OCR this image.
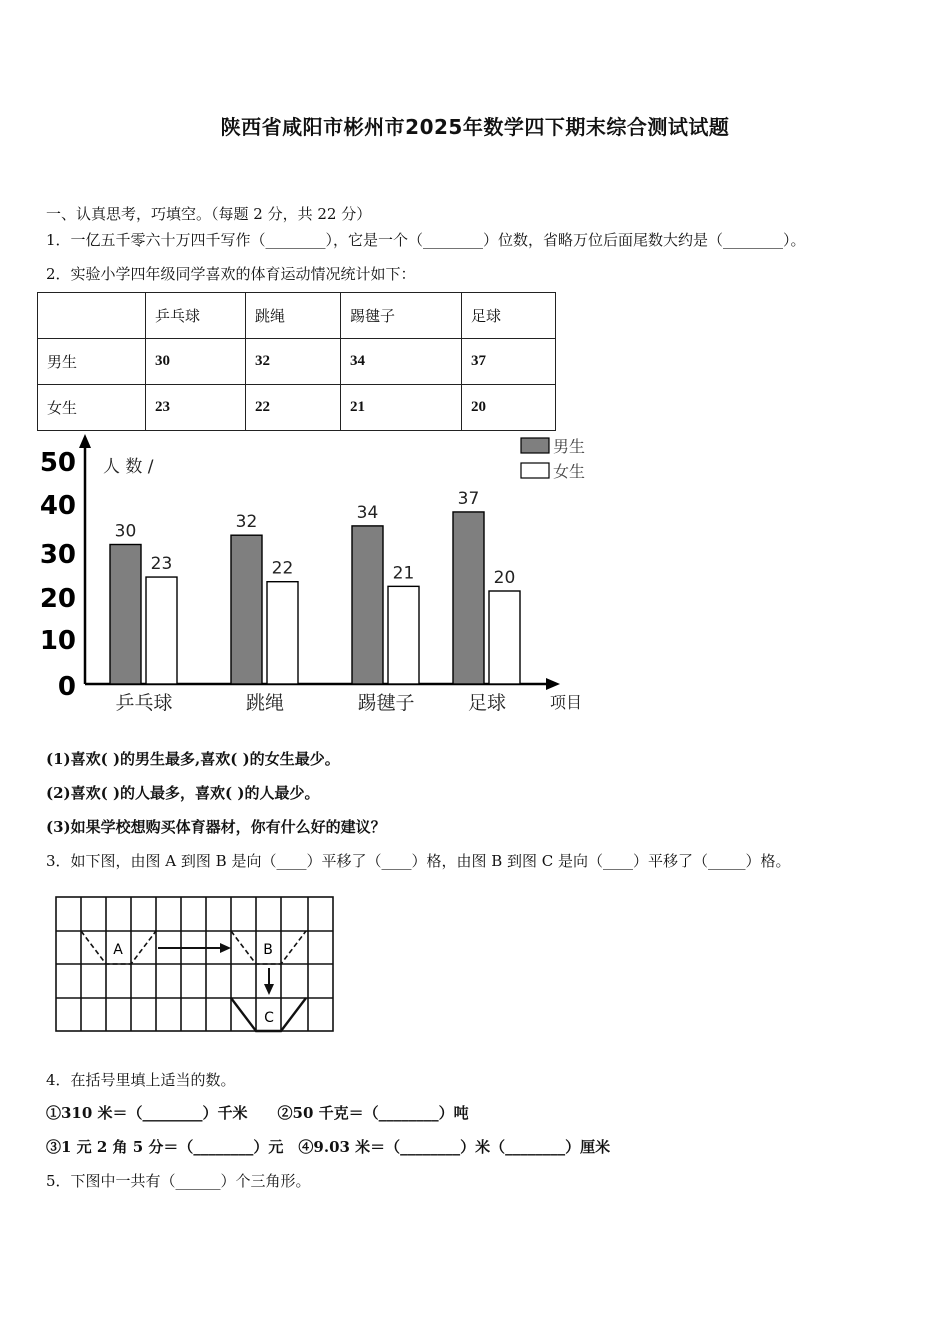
陕西省咸阳市彬州市2025年数学四下期末综合测试试题
一、认真思考，巧填空。（每题 2 分，共 22 分）
1．一亿五千零六十万四千写作（________），它是一个（________）位数，省略万位后面尾数大约是（________）。
2．实验小学四年级同学喜欢的体育运动情况统计如下：
	乒乓球	跳绳	踢毽子	足球
男生	30	32	34	37
女生	23	22	21	20
人 数 /
项目
0
10
20
30
40
50
30
23
乒乓球
32
22
跳绳
34
21
踢毽子
37
20
足球
男生
女生
(1)喜欢( )的男生最多,喜欢( )的女生最少。
(2)喜欢( )的人最多，喜欢( )的人最少。
(3)如果学校想购买体育器材，你有什么好的建议？
3．如下图，由图 A 到图 B 是向（____）平移了（____）格，由图 B 到图 C 是向（____）平移了（_____）格。
A	B
C
4．在括号里填上适当的数。
①310 米＝（________）千米　　②50 千克＝（________）吨
③1 元 2 角 5 分＝（________）元　④9.03 米＝（________）米（________）厘米
5．下图中一共有（______）个三角形。
